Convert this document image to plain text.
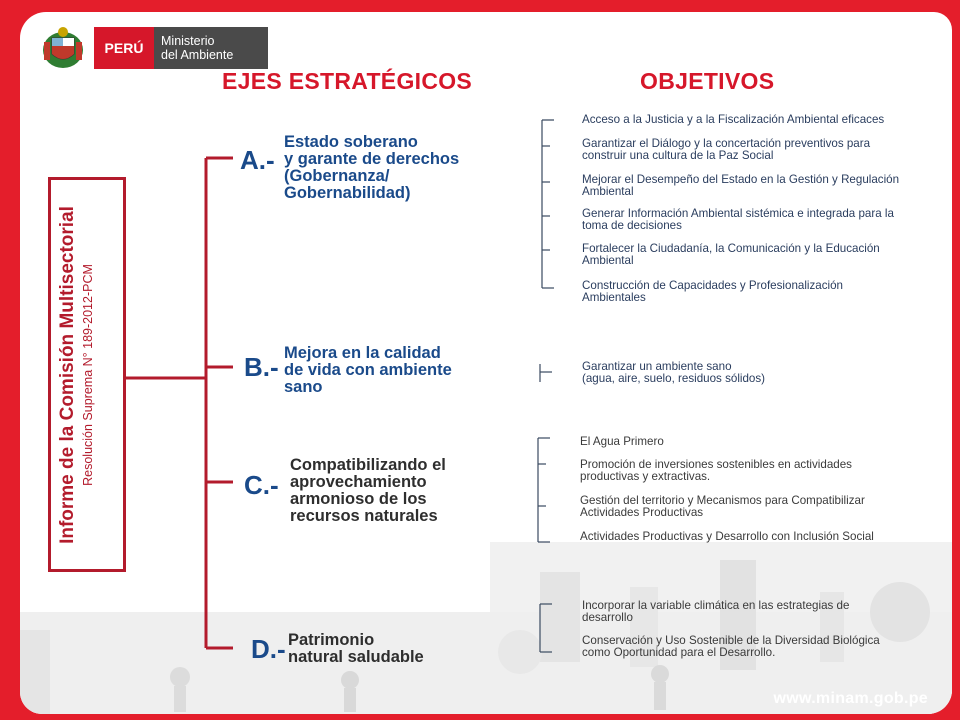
PERÚ	Ministerio
del Ambiente
EJES ESTRATÉGICOS	OBJETIVOS
Informe de la Comisión Multisectorial Resolución Suprema N° 189-2012-PCM
A.-
Estado soberano
y garante de derechos
(Gobernanza/
Gobernabilidad)
B.- Mejora en la calidad
de vida con ambiente
sano
C.-
Compatibilizando el
aprovechamiento
armonioso de los
recursos naturales
D.- Patrimonio
natural saludable
Acceso a la Justicia y a la Fiscalización Ambiental eficaces
Garantizar el Diálogo y la concertación preventivos para
construir una cultura de la Paz Social
Mejorar el Desempeño del Estado en la Gestión y Regulación
Ambiental
Generar Información Ambiental sistémica e integrada para la
toma de decisiones
Fortalecer la Ciudadanía, la Comunicación y la Educación
Ambiental
Construcción de Capacidades y Profesionalización
Ambientales
Garantizar un ambiente sano
(agua, aire, suelo, residuos sólidos)
El Agua Primero
Promoción de inversiones sostenibles en actividades
productivas y extractivas.
Gestión del territorio y Mecanismos para Compatibilizar
Actividades Productivas
Actividades Productivas y Desarrollo con Inclusión Social
Incorporar la variable climática en las estrategias de
desarrollo
Conservación y Uso Sostenible de la Diversidad Biológica
como Oportunidad para el Desarrollo.
www.minam.gob.pe
